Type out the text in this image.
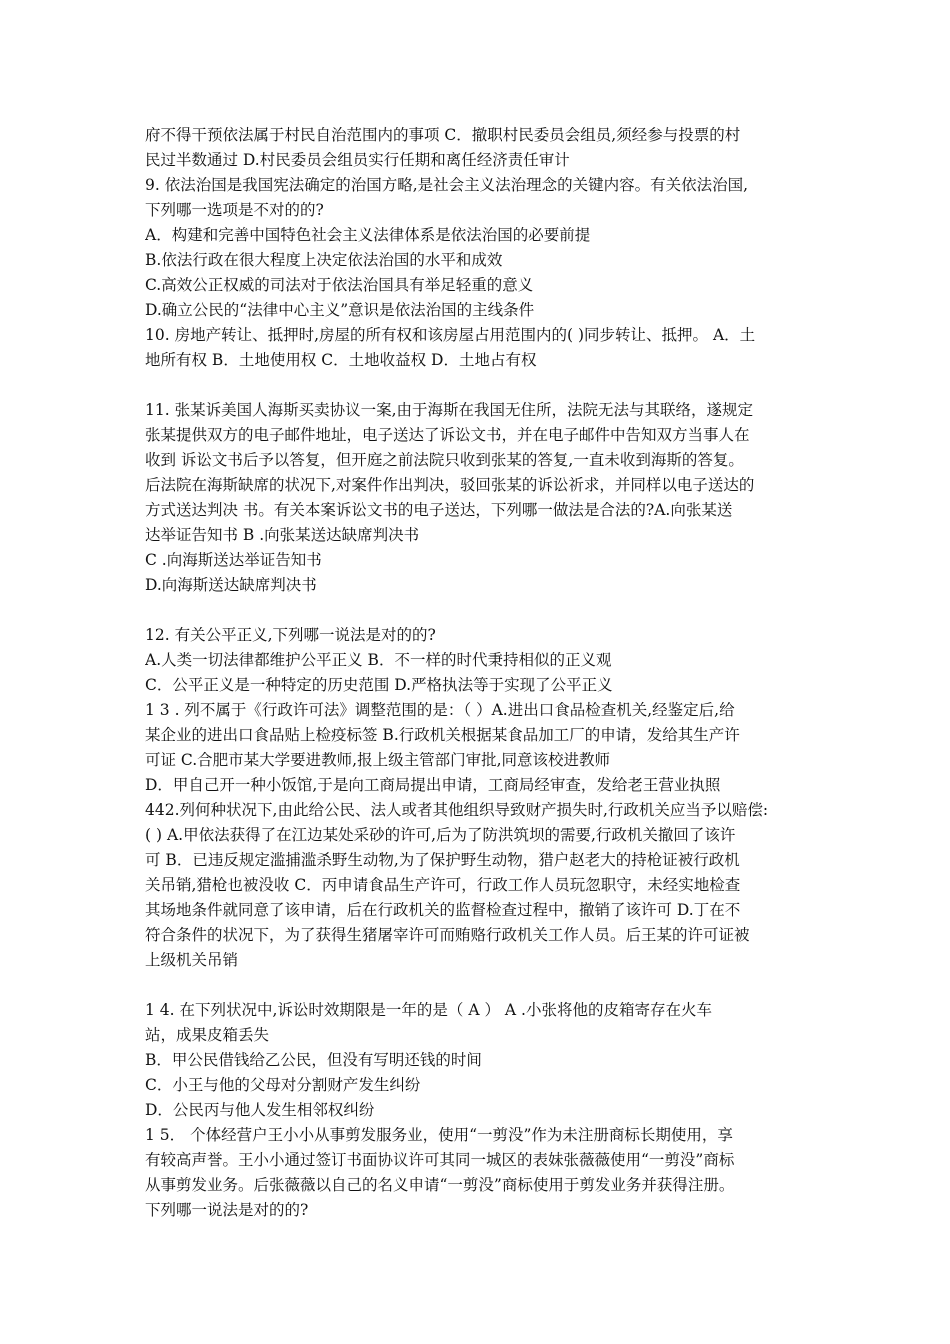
府不得干预依法属于村民自治范围内的事项 C．撤职村民委员会组员,须经参与投票的村
民过半数通过 D.村民委员会组员实行任期和离任经济责任审计
9. 依法治国是我国宪法确定的治国方略,是社会主义法治理念的关键内容。有关依法治国,
下列哪一选项是不对的的?
A．构建和完善中国特色社会主义法律体系是依法治国的必要前提
B.依法行政在很大程度上决定依法治国的水平和成效
C.高效公正权威的司法对于依法治国具有举足轻重的意义
D.确立公民的“法律中心主义”意识是依法治国的主线条件
10. 房地产转让、抵押时,房屋的所有权和该房屋占用范围内的( )同步转让、抵押。 A．土
地所有权 B．土地使用权 C．土地收益权 D．土地占有权
11. 张某诉美国人海斯买卖协议一案,由于海斯在我国无住所，法院无法与其联络，遂规定
张某提供双方的电子邮件地址，电子送达了诉讼文书，并在电子邮件中告知双方当事人在
收到 诉讼文书后予以答复，但开庭之前法院只收到张某的答复,一直未收到海斯的答复。
后法院在海斯缺席的状况下,对案件作出判决，驳回张某的诉讼祈求，并同样以电子送达的
方式送达判决 书。有关本案诉讼文书的电子送达，下列哪一做法是合法的?A.向张某送
达举证告知书 B .向张某送达缺席判决书
C .向海斯送达举证告知书
D.向海斯送达缺席判决书
12. 有关公平正义,下列哪一说法是对的的?
A.人类一切法律都维护公平正义 B．不一样的时代秉持相似的正义观
C．公平正义是一种特定的历史范围 D.严格执法等于实现了公平正义
1 3 . 列不属于《行政许可法》调整范围的是：（ ）A.进出口食品检查机关,经鉴定后,给
某企业的进出口食品贴上检疫标签 B.行政机关根据某食品加工厂的申请，发给其生产许
可证 C.合肥市某大学要进教师,报上级主管部门审批,同意该校进教师
D．甲自己开一种小饭馆,于是向工商局提出申请，工商局经审查，发给老王营业执照
442.列何种状况下,由此给公民、法人或者其他组织导致财产损失时,行政机关应当予以赔偿:
( ) A.甲依法获得了在江边某处采砂的许可,后为了防洪筑坝的需要,行政机关撤回了该许
可 B．已违反规定滥捕滥杀野生动物,为了保护野生动物，猎户赵老大的持枪证被行政机
关吊销,猎枪也被没收 C．丙申请食品生产许可，行政工作人员玩忽职守，未经实地检查
其场地条件就同意了该申请，后在行政机关的监督检查过程中，撤销了该许可 D.丁在不
符合条件的状况下，为了获得生猪屠宰许可而贿赂行政机关工作人员。后王某的许可证被
上级机关吊销
1 4. 在下列状况中,诉讼时效期限是一年的是（ A ） A .小张将他的皮箱寄存在火车
站，成果皮箱丢失
B．甲公民借钱给乙公民，但没有写明还钱的时间
C．小王与他的父母对分割财产发生纠纷
D．公民丙与他人发生相邻权纠纷
1 5． 个体经营户王小小从事剪发服务业，使用“一剪没”作为未注册商标长期使用，享
有较高声誉。王小小通过签订书面协议许可其同一城区的表妹张薇薇使用“一剪没”商标
从事剪发业务。后张薇薇以自己的名义申请“一剪没”商标使用于剪发业务并获得注册。
下列哪一说法是对的的?
